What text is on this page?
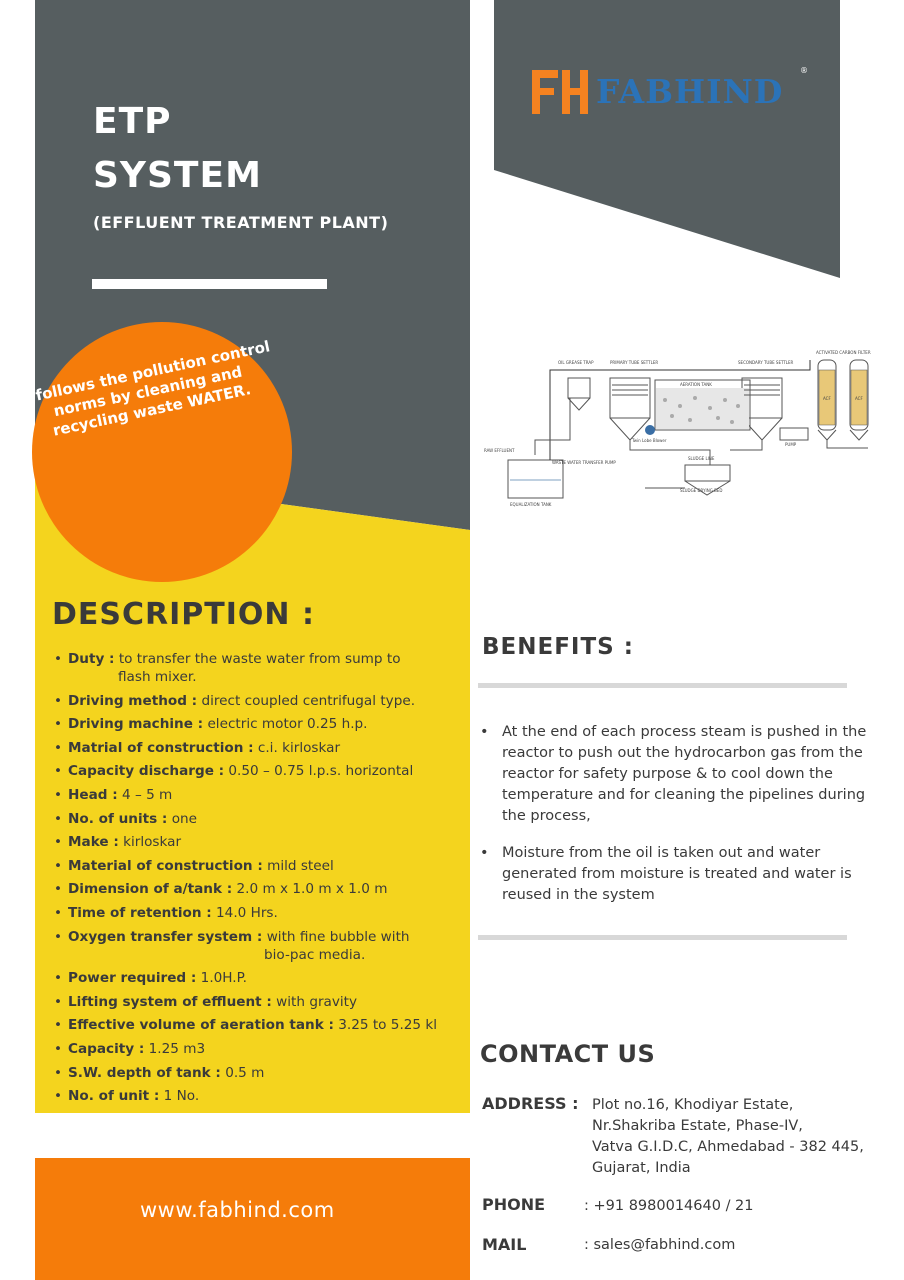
FABHIND
®
ETP
SYSTEM
(EFFLUENT TREATMENT PLANT)
It follows the pollution control norms by cleaning and recycling waste WATER.
OIL GREASE TRAP	PRIMARY TUBE SETTLER
AERATION TANK
SECONDARY TUBE SETTLER
ACTIVATED CARBON FILTER
ACF	ACF
EQUALIZATION TANK
WASTE WATER TRANSFER PUMP
SLUDGE LINE
SLUDGE DRYING BED
Twin Lobe Blower
PUMP
RAW EFFLUENT
DESCRIPTION :
• Duty : to transfer the waste water from sump to
flash mixer.
• Driving method : direct coupled centrifugal type.
• Driving machine : electric motor 0.25 h.p.
• Matrial of construction : c.i. kirloskar
• Capacity discharge : 0.50 – 0.75 l.p.s. horizontal
• Head : 4 – 5 m
• No. of units : one
• Make : kirloskar
• Material of construction : mild steel
• Dimension of a/tank : 2.0 m x 1.0 m x 1.0 m
• Time of retention : 14.0 Hrs.
• Oxygen transfer system : with fine bubble with
bio-pac media.
• Power required : 1.0H.P.
• Lifting system of effluent : with gravity
• Effective volume of aeration tank : 3.25 to 5.25 kl
• Capacity : 1.25 m3
• S.W. depth of tank : 0.5 m
• No. of unit : 1 No.
BENEFITS :
• At the end of each process steam is pushed in the reactor to push out the hydrocarbon gas from the reactor for safety purpose & to cool down the temperature and for cleaning the pipelines during the process,
• Moisture from the oil is taken out and water generated from moisture is treated and water is reused in the system
CONTACT US
ADDRESS : Plot no.16, Khodiyar Estate,
Nr.Shakriba Estate, Phase-IV,
Vatva G.I.D.C, Ahmedabad - 382 445,
Gujarat, India
PHONE	: +91 8980014640 / 21
MAIL	: sales@fabhind.com
www.fabhind.com
